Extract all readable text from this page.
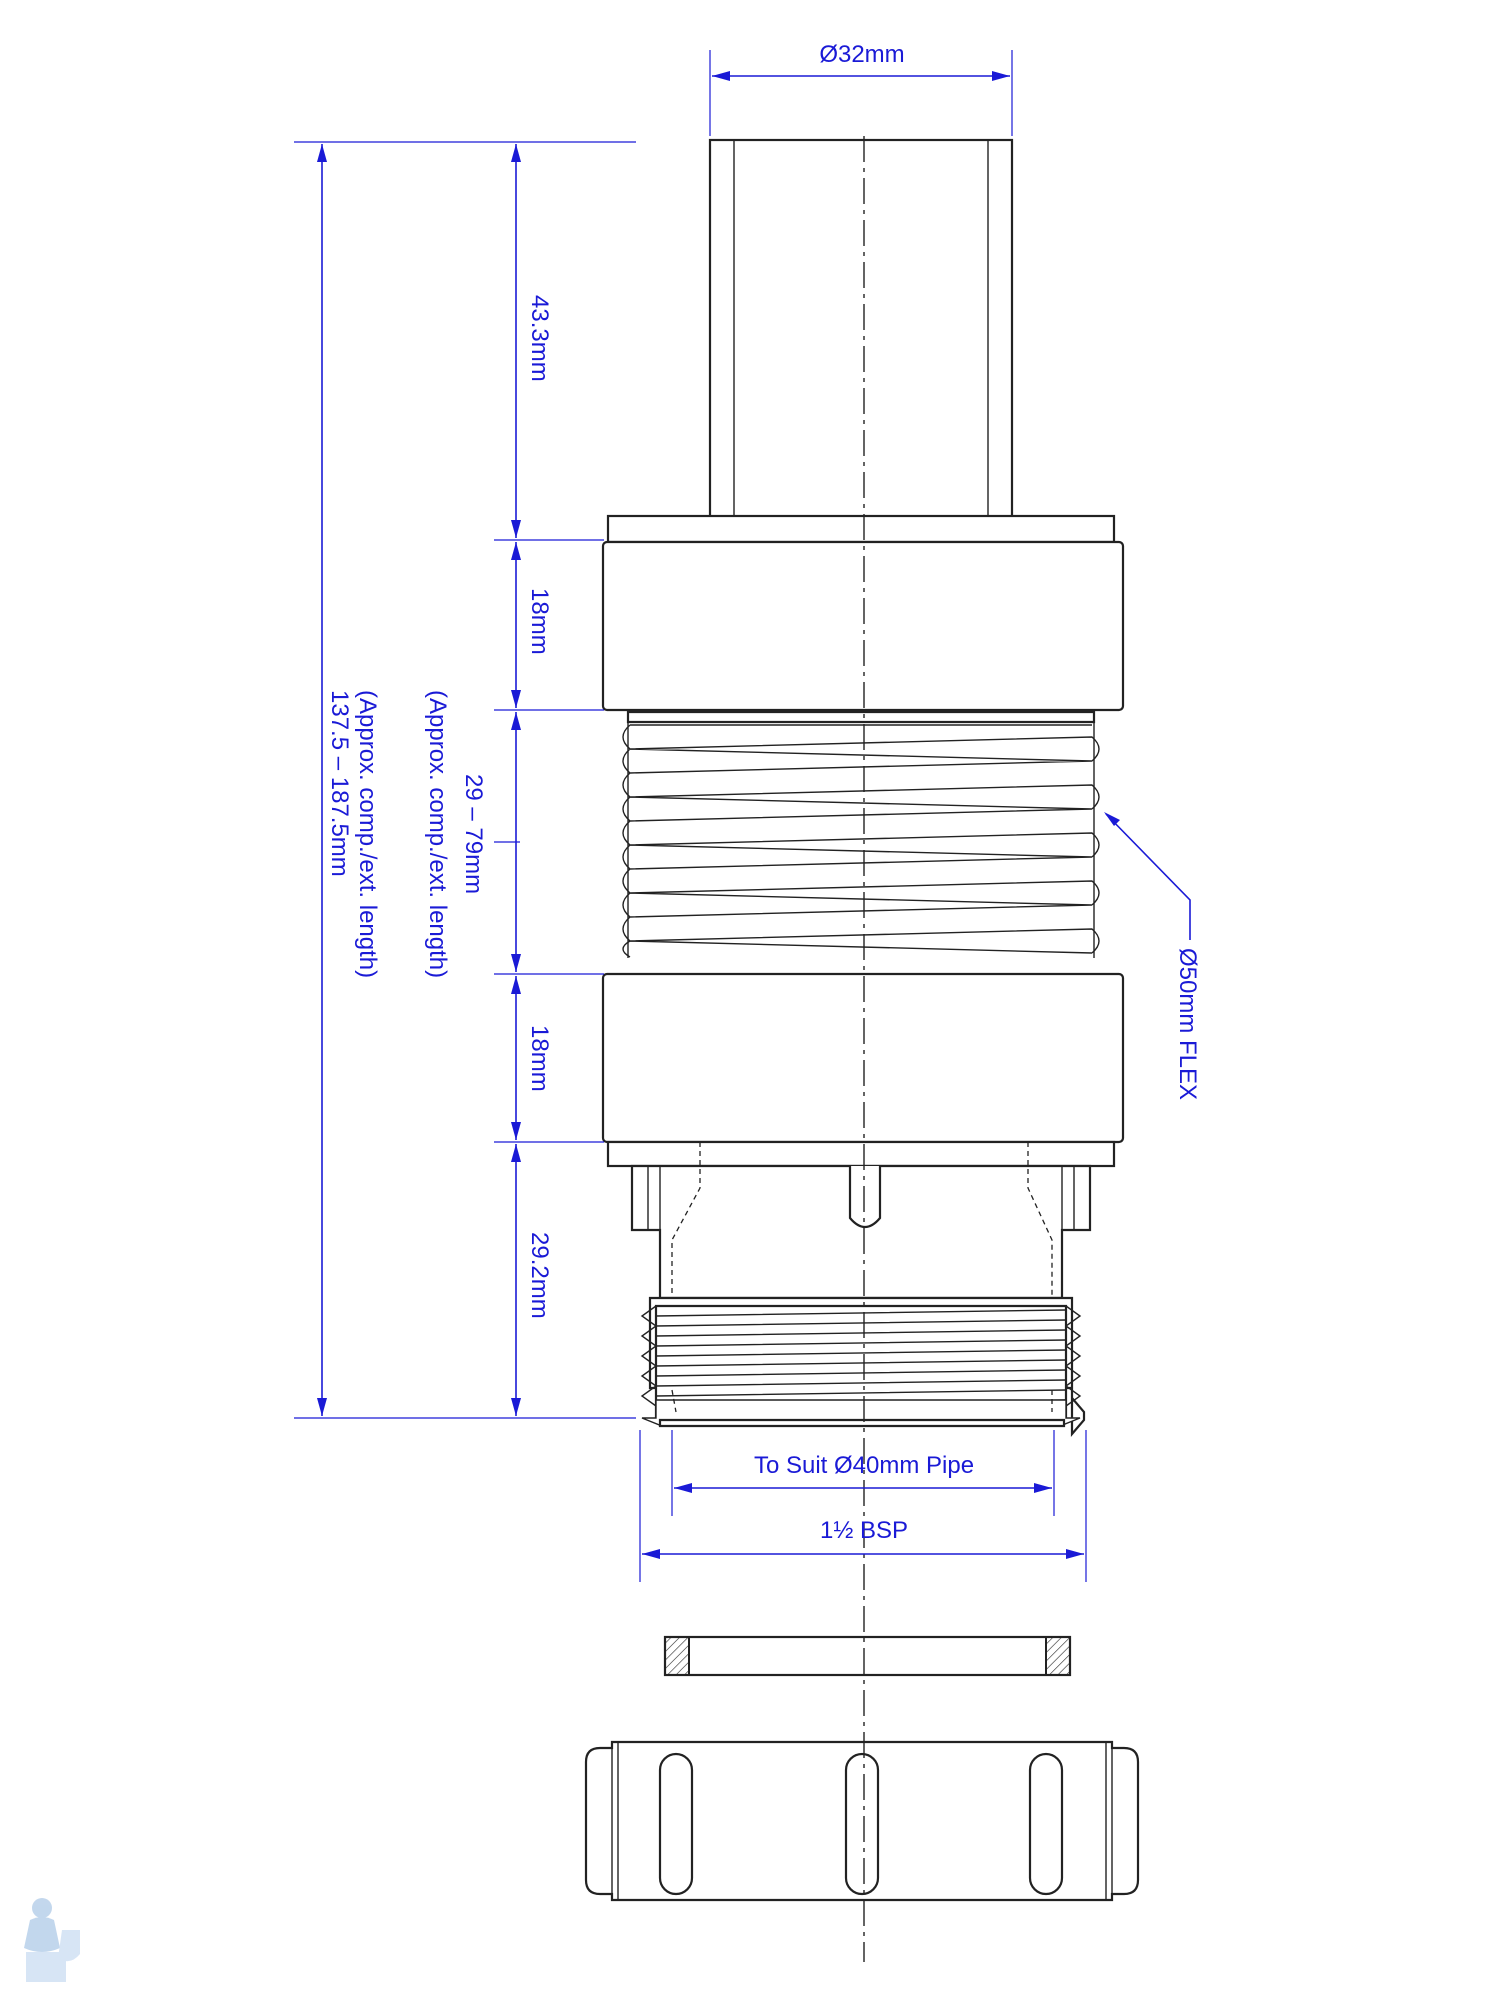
Ø32mm
137.5 – 187.5mm (Approx. comp./ext. length)
43.3mm
18mm
29 – 79mm
(Approx. comp./ext. length)
18mm
29.2mm
Ø50mm FLEX
To Suit Ø40mm Pipe
1½ BSP
